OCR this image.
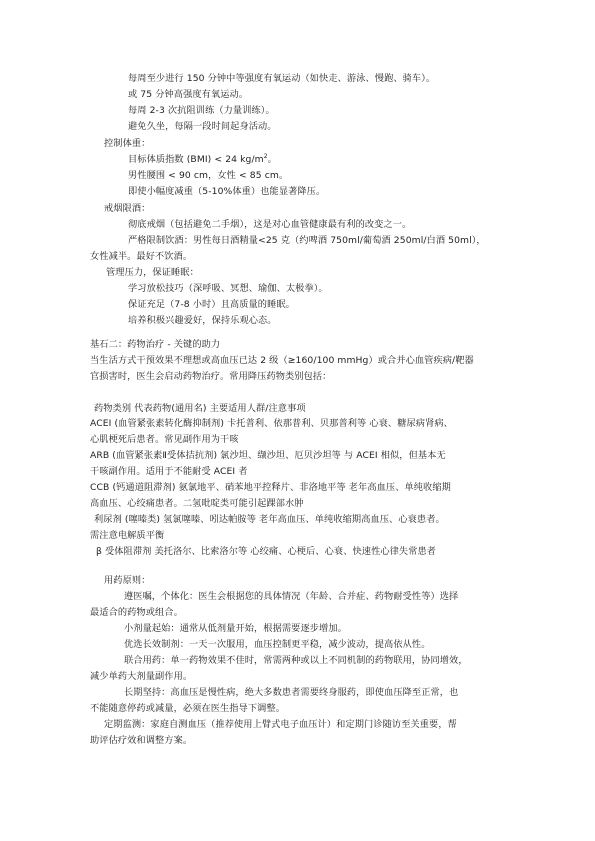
每周至少进行 150 分钟中等强度有氧运动（如快走、游泳、慢跑、骑车）。
或 75 分钟高强度有氧运动。
每周 2-3 次抗阻训练（力量训练）。
避免久坐，每隔一段时间起身活动。
控制体重：
目标体质指数 (BMI) < 24 $kg/m^2$。
男性腰围 < 90 cm，女性 < 85 cm。
即使小幅度减重（5-10%体重）也能显著降压。
戒烟限酒：
彻底戒烟（包括避免二手烟），这是对心血管健康最有利的改变之一。
严格限制饮酒：男性每日酒精量<25 克（约啤酒 750ml/葡萄酒 250ml/白酒 50ml），
女性减半。最好不饮酒。
管理压力，保证睡眠：
学习放松技巧（深呼吸、冥想、瑜伽、太极拳）。
保证充足（7-8 小时）且高质量的睡眠。
培养积极兴趣爱好，保持乐观心态。
基石二：药物治疗 - 关键的助力
当生活方式干预效果不理想或高血压已达 2 级（≥160/100 mmHg）或合并心血管疾病/靶器
官损害时，医生会启动药物治疗。常用降压药物类别包括：
药物类别 代表药物(通用名) 主要适用人群/注意事项
ACEI (血管紧张素转化酶抑制剂) 卡托普利、依那普利、贝那普利等 心衰、糖尿病肾病、
心肌梗死后患者。常见副作用为干咳
ARB (血管紧张素Ⅱ受体拮抗剂) 氯沙坦、缬沙坦、厄贝沙坦等 与 ACEI 相似，但基本无
干咳副作用。适用于不能耐受 ACEI 者
CCB (钙通道阻滞剂) 氨氯地平、硝苯地平控释片、非洛地平等 老年高血压、单纯收缩期
高血压、心绞痛患者。二氢吡啶类可能引起踝部水肿
利尿剂 (噻嗪类) 氢氯噻嗪、吲达帕胺等 老年高血压、单纯收缩期高血压、心衰患者。
需注意电解质平衡
β 受体阻滞剂 美托洛尔、比索洛尔等 心绞痛、心梗后、心衰、快速性心律失常患者
用药原则：
遵医嘱，个体化：医生会根据您的具体情况（年龄、合并症、药物耐受性等）选择
最适合的药物或组合。
小剂量起始：通常从低剂量开始，根据需要逐步增加。
优选长效制剂：一天一次服用，血压控制更平稳，减少波动，提高依从性。
联合用药：单一药物效果不佳时，常需两种或以上不同机制的药物联用，协同增效，
减少单药大剂量副作用。
长期坚持：高血压是慢性病，绝大多数患者需要终身服药，即使血压降至正常，也
不能随意停药或减量，必须在医生指导下调整。
定期监测：家庭自测血压（推荐使用上臂式电子血压计）和定期门诊随访至关重要，帮
助评估疗效和调整方案。
